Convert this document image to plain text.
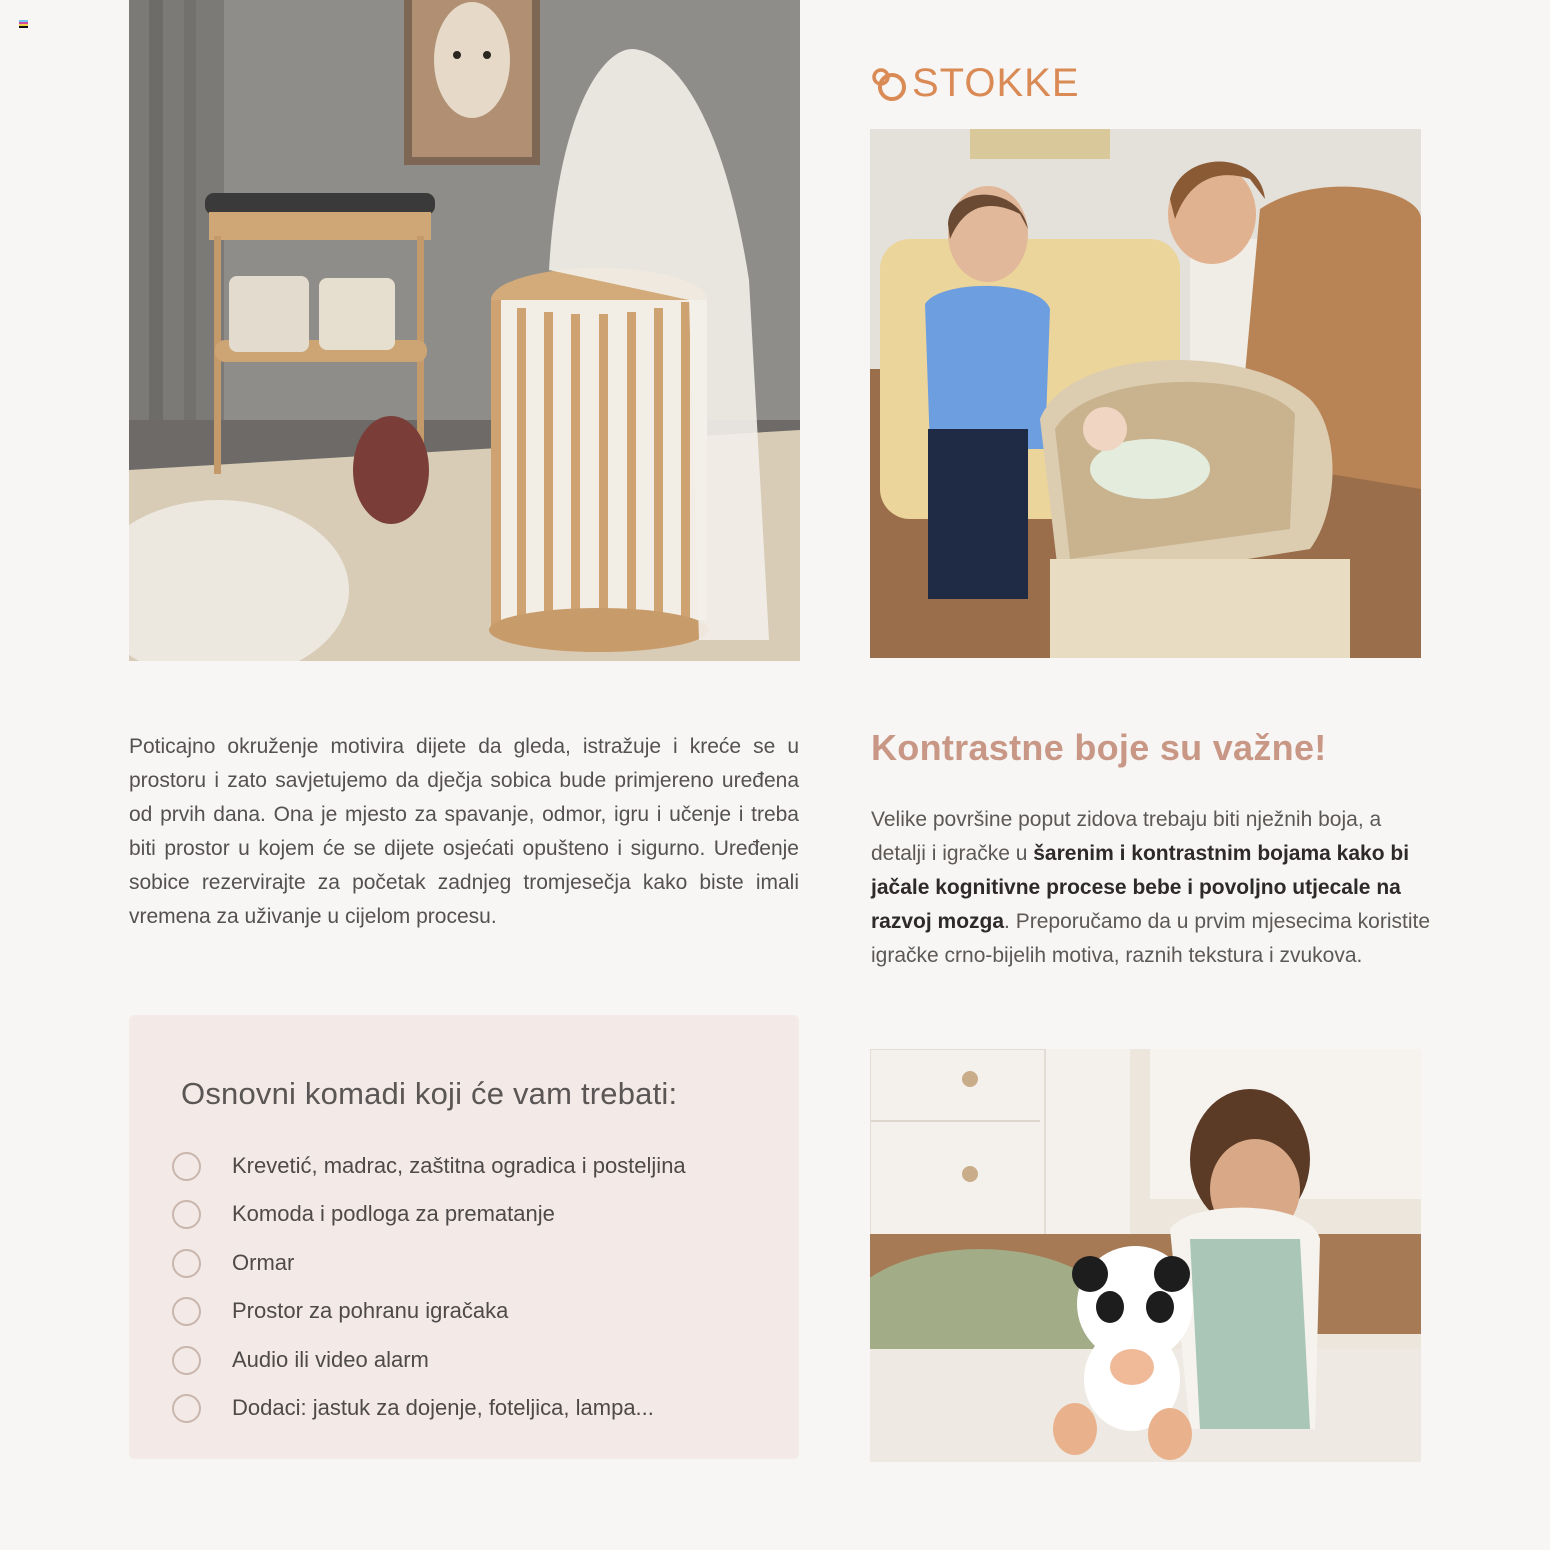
STOKKE
Poticajno okruženje motivira dijete da gleda, istražuje i kreće se u prostoru i zato savjetujemo da dječja sobica bude primjereno uređena od prvih dana. Ona je mjesto za spavanje, odmor, igru i učenje i treba biti prostor u kojem će se dijete osjećati opušteno i sigurno. Uređenje sobice rezervirajte za početak zadnjeg tromjesečja kako biste imali vremena za uživanje u cijelom procesu.
Kontrastne boje su važne!
Velike površine poput zidova trebaju biti nježnih boja, a detalji i igračke u šarenim i kontrastnim bojama kako bi jačale kognitivne procese bebe i povoljno utjecale na razvoj mozga. Preporučamo da u prvim mjesecima koristite igračke crno-bijelih motiva, raznih tekstura i zvukova.
Osnovni komadi koji će vam trebati:
Krevetić, madrac, zaštitna ogradica i posteljina
Komoda i podloga za prematanje
Ormar
Prostor za pohranu igračaka
Audio ili video alarm
Dodaci: jastuk za dojenje, foteljica, lampa...
